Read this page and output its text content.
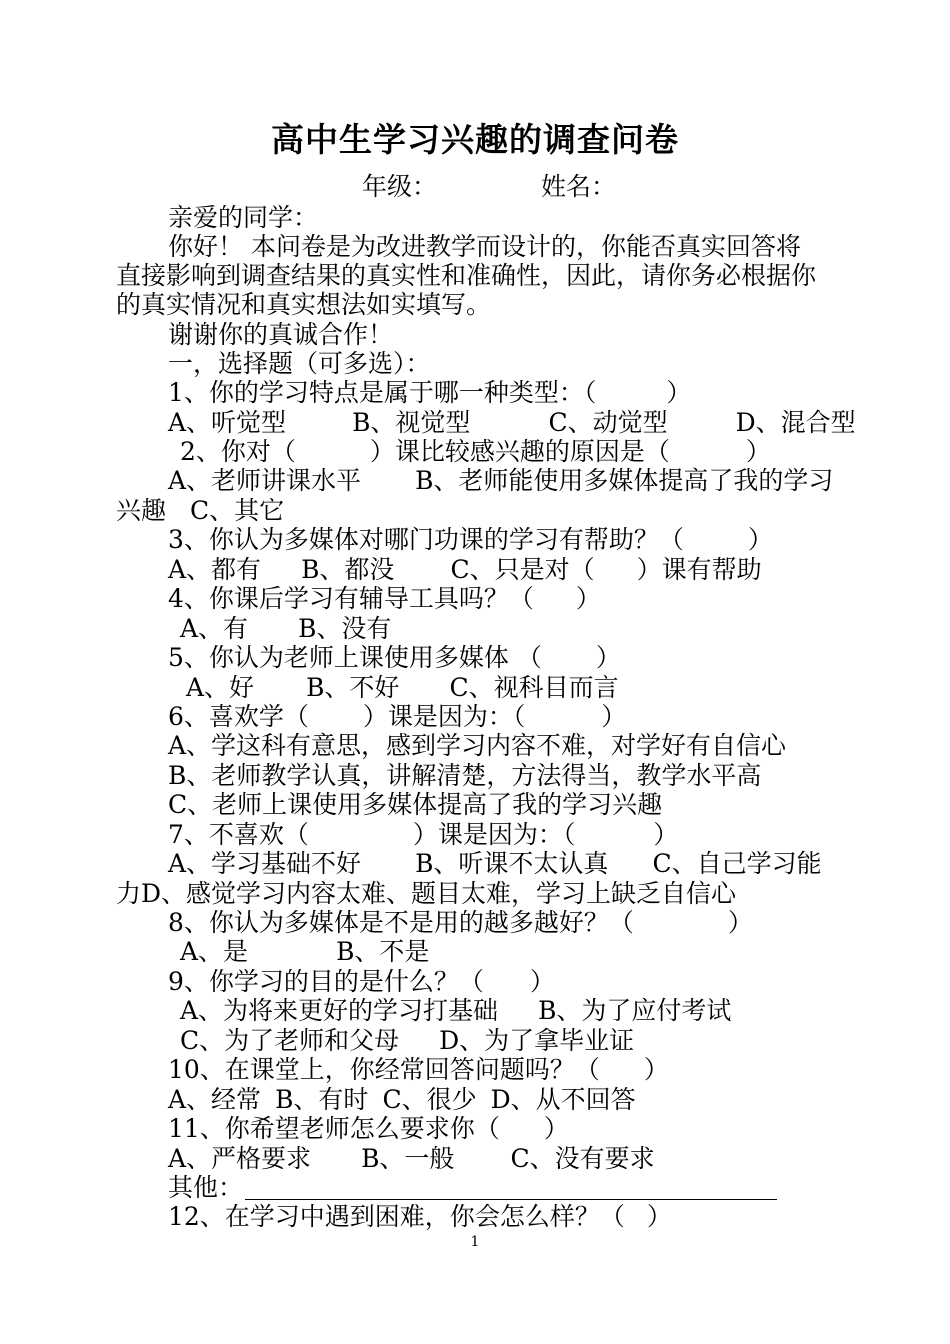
高中生学习兴趣的调查问卷
年级：	姓名：
亲爱的同学：
你好！ 本问卷是为改进教学而设计的，你能否真实回答将
直接影响到调查结果的真实性和准确性，因此，请你务必根据你
的真实情况和真实想法如实填写。
谢谢你的真诚合作！
一，选择题（可多选）：
1、你的学习特点是属于哪一种类型：（	）
A、听觉型	B、视觉型	C、动觉型	D、混合型
2、你对（	）课比较感兴趣的原因是（	）
A、老师讲课水平 B、老师能使用多媒体提高了我的学习
兴趣 C、其它
3、你认为多媒体对哪门功课的学习有帮助？（	）
A、都有 B、都没 C、只是对（ ）课有帮助
4、你课后学习有辅导工具吗？（ ）
A、有 B、没有
5、你认为老师上课使用多媒体 （ ）
A、好 B、不好 C、视科目而言
6、喜欢学（ ）课是因为：（	）
A、学这科有意思，感到学习内容不难，对学好有自信心
B、老师教学认真，讲解清楚，方法得当，教学水平高
C、老师上课使用多媒体提高了我的学习兴趣
7、不喜欢（	）课是因为：（	）
A、学习基础不好 B、听课不太认真 C、自己学习能
力D、感觉学习内容太难、题目太难，学习上缺乏自信心
8、你认为多媒体是不是用的越多越好？（	）
A、是	B、不是
9、你学习的目的是什么？（ ）
A、为将来更好的学习打基础 B、为了应付考试
C、为了老师和父母 D、为了拿毕业证
10、在课堂上，你经常回答问题吗？（ ）
A、经常 B、有时 C、很少 D、从不回答
11、你希望老师怎么要求你（ ）
A、严格要求 B、一般 C、没有要求
其他：
12、在学习中遇到困难，你会怎么样？（ ）
1
